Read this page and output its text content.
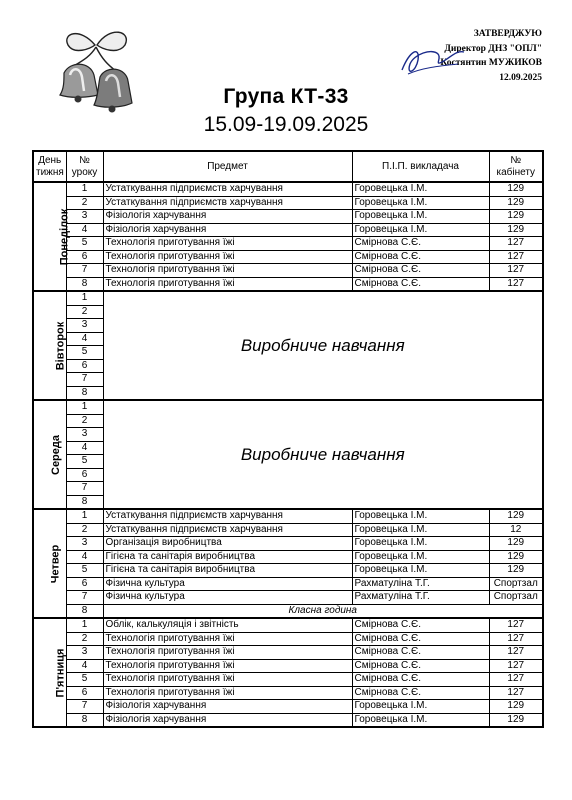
ЗАТВЕРДЖУЮ
Директор ДНЗ "ОПЛ"
Костянтин МУЖИКОВ
12.09.2025
Група КТ-33
15.09-19.09.2025
День тижня	№ уроку	Предмет	П.І.П. викладача	№ кабінету

Понеділок	1	Устаткування підприємств харчування	Горовецька І.М.	129
	2	Устаткування підприємств харчування	Горовецька І.М.	129
	3	Фізіологія харчування	Горовецька І.М.	129
	4	Фізіологія харчування	Горовецька І.М.	129
	5	Технологія приготування їжі	Смірнова С.Є.	127
	6	Технологія приготування їжі	Смірнова С.Є.	127
	7	Технологія приготування їжі	Смірнова С.Є.	127
	8	Технологія приготування їжі	Смірнова С.Є.	127
Вівторок	1	Виробниче навчання		
	2			
	3			
	4			
	5			
	6			
	7			
	8			
Середа	1	Виробниче навчання		
	2			
	3			
	4			
	5			
	6			
	7			
	8			
Четвер	1	Устаткування підприємств харчування	Горовецька І.М.	129
	2	Устаткування підприємств харчування	Горовецька І.М.	12
	3	Організація виробництва	Горовецька І.М.	129
	4	Гігієна та санітарія виробництва	Горовецька І.М.	129
	5	Гігієна та санітарія виробництва	Горовецька І.М.	129
	6	Фізична культура	Рахматуліна Т.Г.	Спортзал
	7	Фізична культура	Рахматуліна Т.Г.	Спортзал
	8	Класна година		
П'ятниця	1	Облік, калькуляція і звітність	Смірнова С.Є.	127
	2	Технологія приготування їжі	Смірнова С.Є.	127
	3	Технологія приготування їжі	Смірнова С.Є.	127
	4	Технологія приготування їжі	Смірнова С.Є.	127
	5	Технологія приготування їжі	Смірнова С.Є.	127
	6	Технологія приготування їжі	Смірнова С.Є.	127
	7	Фізіологія харчування	Горовецька І.М.	129
	8	Фізіологія харчування	Горовецька І.М.	129
